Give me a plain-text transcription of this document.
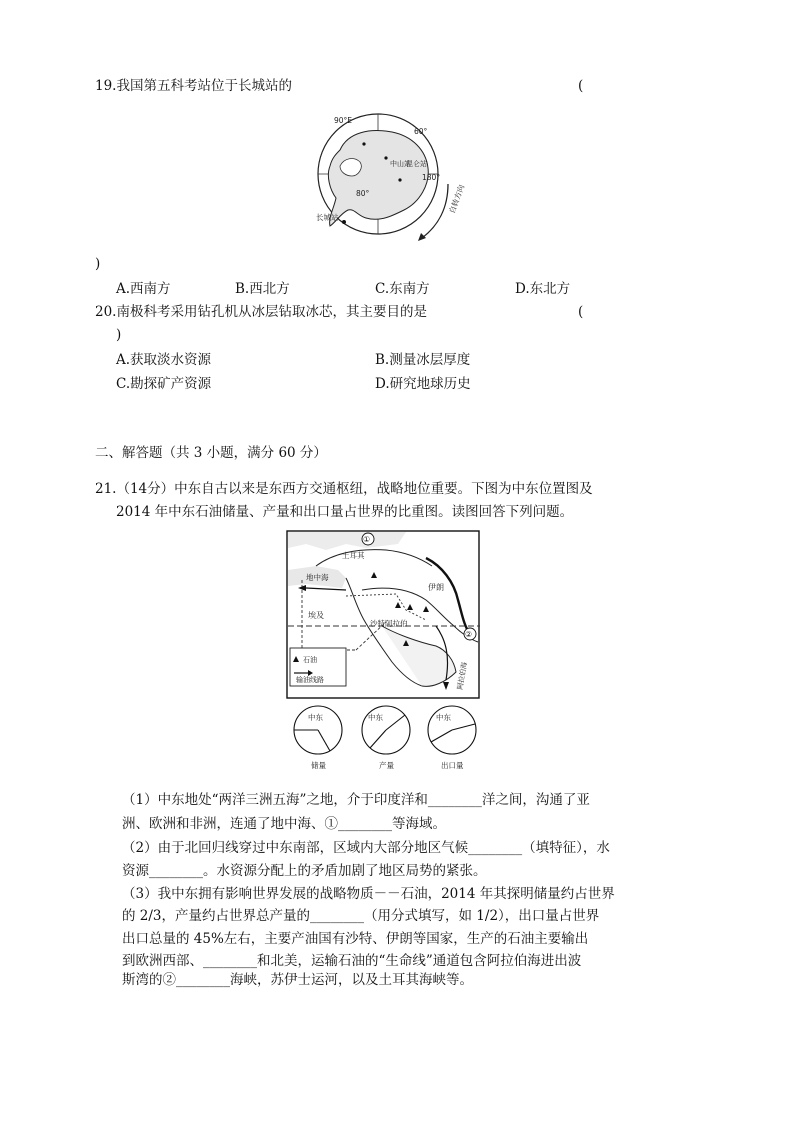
19.我国第五科考站位于长城站的	(
90°E
60°
180°
80°
中山站
昆仑站
长城站
自转方向
)
A.西南方	B.西北方	C.东南方	D.东北方
20.南极科考采用钻孔机从冰层钻取冰芯，其主要目的是	(
)
A.获取淡水资源	B.测量冰层厚度
C.勘探矿产资源	D.研究地球历史
二、解答题（共 3 小题，满分 60 分）
21.（14分）中东自古以来是东西方交通枢纽，战略地位重要。下图为中东位置图及
2014 年中东石油储量、产量和出口量占世界的比重图。读图回答下列问题。
石油
输油线路
①
土耳其
地中海
伊朗
埃及
沙特阿拉伯
②
阿拉伯海
中东
储量
中东
产量
中东
出口量
（1）中东地处“两洋三洲五海”之地，介于印度洋和________洋之间，沟通了亚
洲、欧洲和非洲，连通了地中海、①________等海域。
（2）由于北回归线穿过中东南部，区域内大部分地区气候________（填特征），水
资源________。水资源分配上的矛盾加剧了地区局势的紧张。
（3）我中东拥有影响世界发展的战略物质－－石油，2014 年其探明储量约占世界
的 2/3，产量约占世界总产量的________（用分式填写，如 1/2），出口量占世界
出口总量的 45%左右，主要产油国有沙特、伊朗等国家，生产的石油主要输出
到欧洲西部、________和北美，运输石油的“生命线”通道包含阿拉伯海进出波
斯湾的②________海峡，苏伊士运河，以及土耳其海峡等。
